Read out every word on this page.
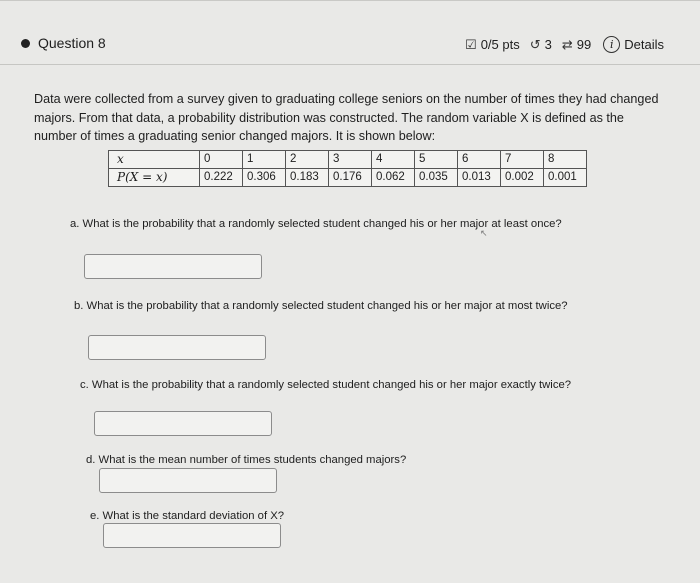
Question 8	☑ 0/5 pts ↺ 3 ⇄ 99	i Details

Data were collected from a survey given to graduating college seniors on the number of times they had changed majors. From that data, a probability distribution was constructed. The random variable X is defined as the number of times a graduating senior changed majors. It is shown below:

x	0	1	2	3	4	5	6	7	8
P(X = x)	0.222	0.306	0.183	0.176	0.062	0.035	0.013	0.002	0.001
a. What is the probability that a randomly selected student changed his or her major at least once?
↖
b. What is the probability that a randomly selected student changed his or her major at most twice?
c. What is the probability that a randomly selected student changed his or her major exactly twice?
d. What is the mean number of times students changed majors?
e. What is the standard deviation of X?
